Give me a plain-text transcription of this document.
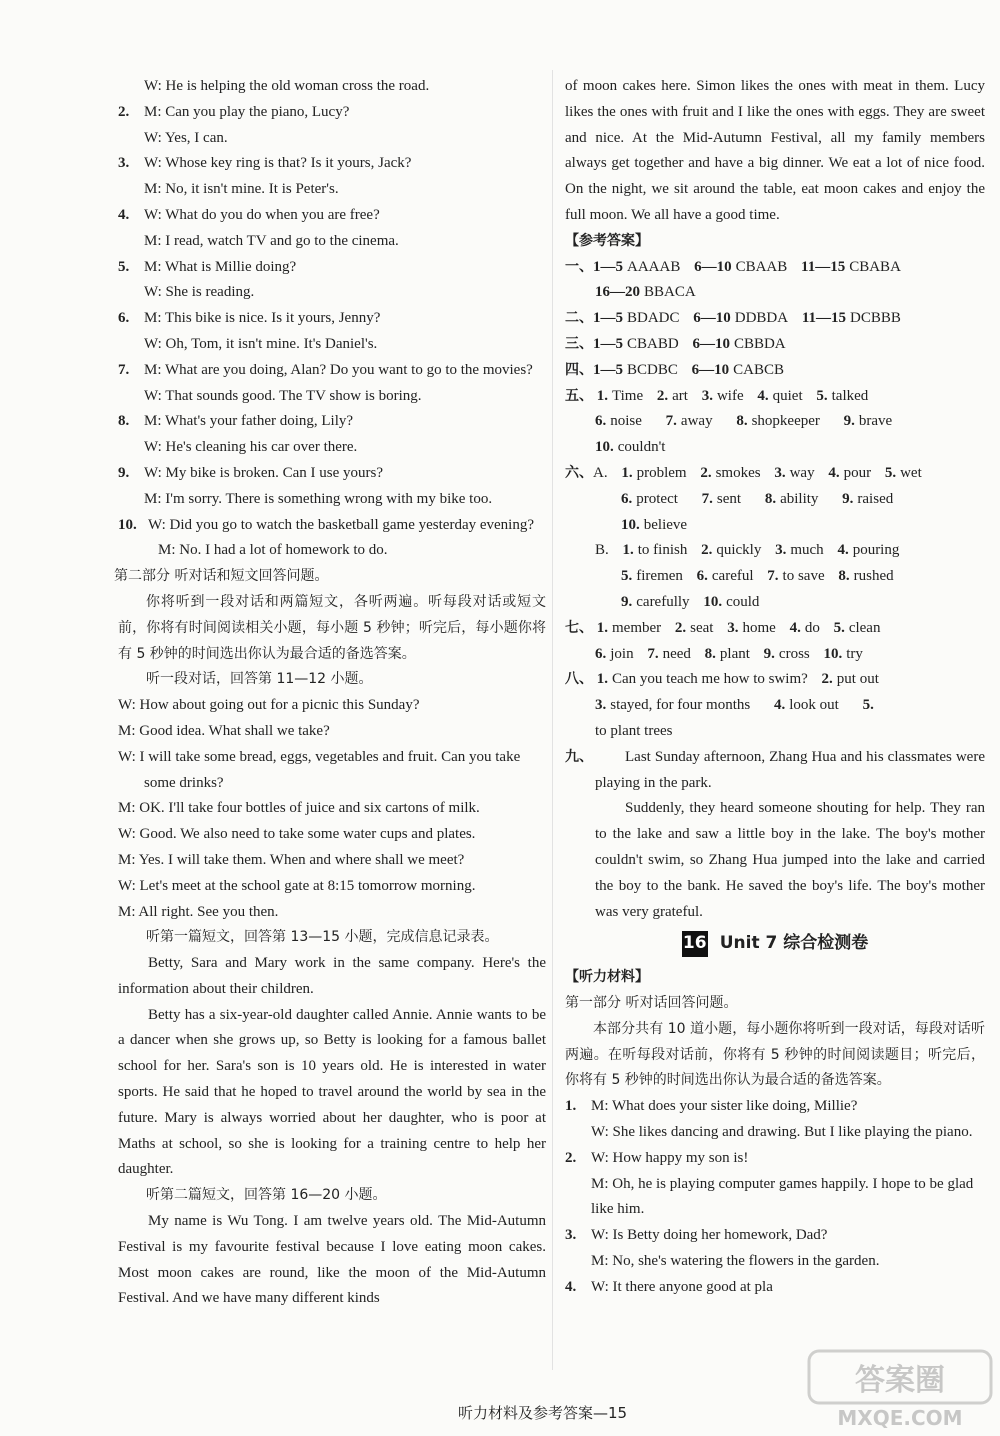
W: He is helping the old woman cross the road.
2. M: Can you play the piano, Lucy?
W: Yes, I can.
3. W: Whose key ring is that? Is it yours, Jack?
M: No, it isn't mine. It is Peter's.
4. W: What do you do when you are free?
M: I read, watch TV and go to the cinema.
5. M: What is Millie doing?
W: She is reading.
6. M: This bike is nice. Is it yours, Jenny?
W: Oh, Tom, it isn't mine. It's Daniel's.
7. M: What are you doing, Alan? Do you want to go to the movies?
W: That sounds good. The TV show is boring.
8. M: What's your father doing, Lily?
W: He's cleaning his car over there.
9. W: My bike is broken. Can I use yours?
M: I'm sorry. There is something wrong with my bike too.
10. W: Did you go to watch the basketball game yesterday evening?
M: No. I had a lot of homework to do.
第二部分 听对话和短文回答问题。
你将听到一段对话和两篇短文，各听两遍。听每段对话或短文前，你将有时间阅读相关小题，每小题 5 秒钟；听完后，每小题你将有 5 秒钟的时间选出你认为最合适的备选答案。
听一段对话，回答第 11—12 小题。
W: How about going out for a picnic this Sunday?
M: Good idea. What shall we take?
W: I will take some bread, eggs, vegetables and fruit. Can you take some drinks?
M: OK. I'll take four bottles of juice and six cartons of milk.
W: Good. We also need to take some water cups and plates.
M: Yes. I will take them. When and where shall we meet?
W: Let's meet at the school gate at 8:15 tomorrow morning.
M: All right. See you then.
听第一篇短文，回答第 13—15 小题，完成信息记录表。
Betty, Sara and Mary work in the same company. Here's the information about their children.
Betty has a six-year-old daughter called Annie. Annie wants to be a dancer when she grows up, so Betty is looking for a famous ballet school for her. Sara's son is 10 years old. He is interested in water sports. He said that he hoped to travel around the world by sea in the future. Mary is always worried about her daughter, who is poor at Maths at school, so she is looking for a training centre to help her daughter.
听第二篇短文，回答第 16—20 小题。
My name is Wu Tong. I am twelve years old. The Mid-Autumn Festival is my favourite festival because I love eating moon cakes. Most moon cakes are round, like the moon of the Mid-Autumn Festival. And we have many different kinds
of moon cakes here. Simon likes the ones with meat in them. Lucy likes the ones with fruit and I like the ones with eggs. They are sweet and nice. At the Mid-Autumn Festival, all my family members always get together and have a big dinner. We eat a lot of nice food. On the night, we sit around the table, eat moon cakes and enjoy the full moon. We all have a good time.
【参考答案】
一、1—5 AAAAB 6—10 CBAAB 11—15 CBABA
16—20 BBACA
二、1—5 BDADC 6—10 DDBDA 11—15 DCBBB
三、1—5 CBABD 6—10 CBBDA
四、1—5 BCDBC 6—10 CABCB
五、 1. Time 2. art 3. wife 4. quiet 5. talked
6. noise 7. away 8. shopkeeper 9. brave
10. couldn't
六、A. 1. problem 2. smokes 3. way 4. pour 5. wet
6. protect 7. sent 8. ability 9. raised
10. believe
B. 1. to finish 2. quickly 3. much 4. pouring
5. firemen 6. careful 7. to save 8. rushed
9. carefully 10. could
七、 1. member 2. seat 3. home 4. do 5. clean
6. join 7. need 8. plant 9. cross 10. try
八、 1. Can you teach me how to swim? 2. put out
3. stayed, for four months 4. look out 5.
to plant trees
九、	Last Sunday afternoon, Zhang Hua and his classmates were playing in the park.
Suddenly, they heard someone shouting for help. They ran to the lake and saw a little boy in the lake. The boy's mother couldn't swim, so Zhang Hua jumped into the lake and carried the boy to the bank. He saved the boy's life. The boy's mother was very grateful.
16 Unit 7 综合检测卷
【听力材料】
第一部分 听对话回答问题。
本部分共有 10 道小题，每小题你将听到一段对话，每段对话听两遍。在听每段对话前，你将有 5 秒钟的时间阅读题目；听完后，你将有 5 秒钟的时间选出你认为最合适的备选答案。
1. M: What does your sister like doing, Millie?
W: She likes dancing and drawing. But I like playing the piano.
2. W: How happy my son is!
M: Oh, he is playing computer games happily. I hope to be glad like him.
3. W: Is Betty doing her homework, Dad?
M: No, she's watering the flowers in the garden.
4. W: It there anyone good at pla
听力材料及参考答案—15
答案圈
MXQE.COM
